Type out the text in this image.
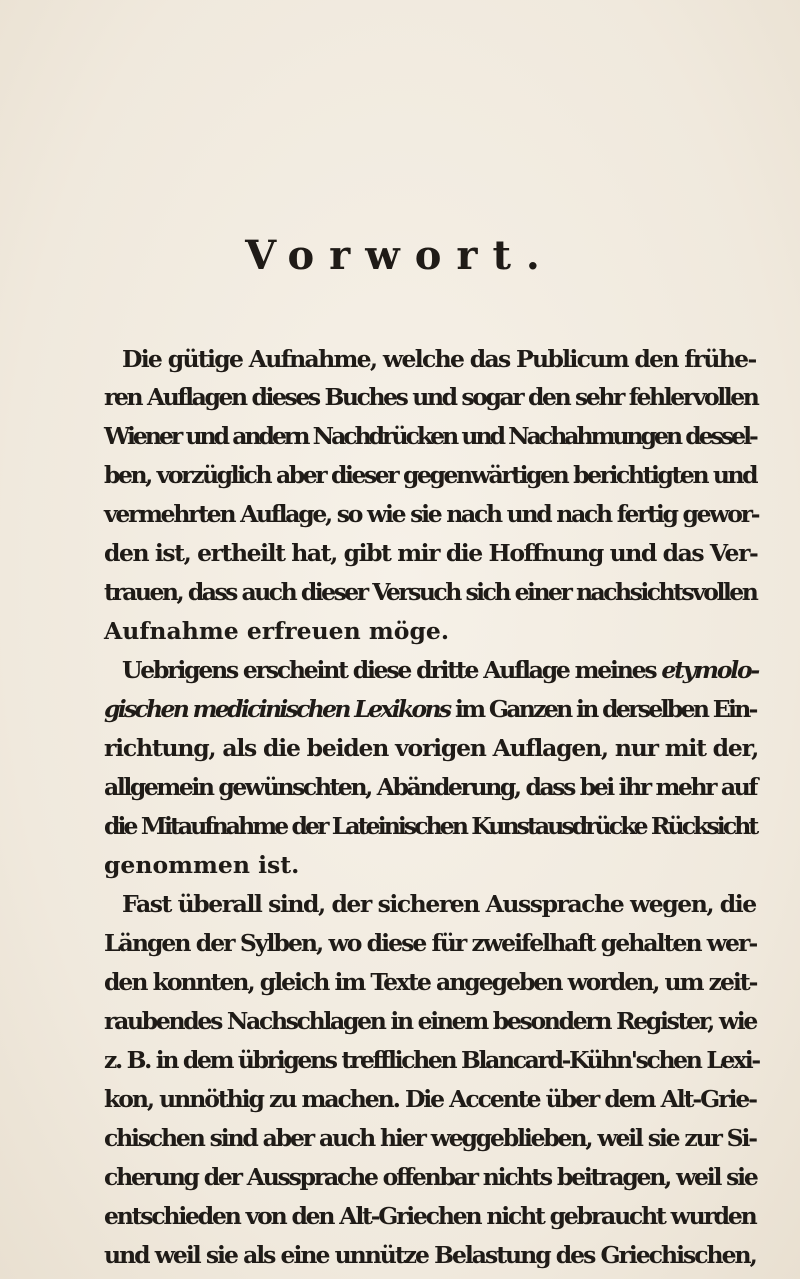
Vorwort.
Die gütige Aufnahme, welche das Publicum den frühe-
ren Auflagen dieses Buches und sogar den sehr fehlervollen
Wiener und andern Nachdrücken und Nachahmungen dessel-
ben, vorzüglich aber dieser gegenwärtigen berichtigten und
vermehrten Auflage, so wie sie nach und nach fertig gewor-
den ist, ertheilt hat, gibt mir die Hoffnung und das Ver-
trauen, dass auch dieser Versuch sich einer nachsichtsvollen
Aufnahme erfreuen möge.
Uebrigens erscheint diese dritte Auflage meines etymolo-
gischen medicinischen Lexikons im Ganzen in derselben Ein-
richtung, als die beiden vorigen Auflagen, nur mit der,
allgemein gewünschten, Abänderung, dass bei ihr mehr auf
die Mitaufnahme der Lateinischen Kunstausdrücke Rücksicht
genommen ist.
Fast überall sind, der sicheren Aussprache wegen, die
Längen der Sylben, wo diese für zweifelhaft gehalten wer-
den konnten, gleich im Texte angegeben worden, um zeit-
raubendes Nachschlagen in einem besondern Register, wie
z. B. in dem übrigens trefflichen Blancard-Kühn'schen Lexi-
kon, unnöthig zu machen. Die Accente über dem Alt-Grie-
chischen sind aber auch hier weggeblieben, weil sie zur Si-
cherung der Aussprache offenbar nichts beitragen, weil sie
entschieden von den Alt-Griechen nicht gebraucht wurden
und weil sie als eine unnütze Belastung des Griechischen,
